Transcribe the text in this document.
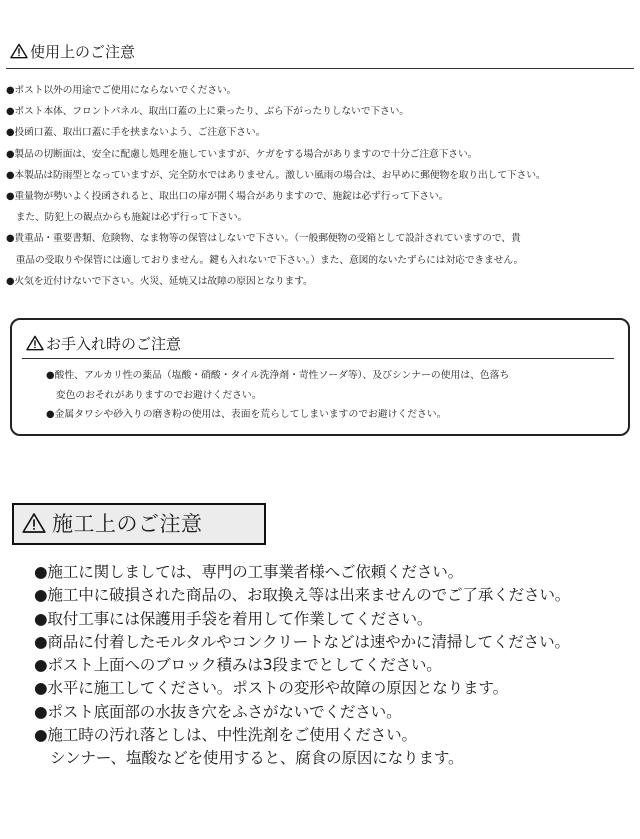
使用上のご注意
●ポスト以外の用途でご使用にならないでください。
●ポスト本体、フロントパネル、取出口蓋の上に乗ったり、ぶら下がったりしないで下さい。
●投函口蓋、取出口蓋に手を挟まないよう、ご注意下さい。
●製品の切断面は、安全に配慮し処理を施していますが、ケガをする場合がありますので十分ご注意下さい。
●本製品は防雨型となっていますが、完全防水ではありません。激しい風雨の場合は、お早めに郵便物を取り出して下さい。
●重量物が勢いよく投函されると、取出口の扉が開く場合がありますので、施錠は必ず行って下さい。
　また、防犯上の観点からも施錠は必ず行って下さい。
●貴重品・重要書類、危険物、なま物等の保管はしないで下さい。（一般郵便物の受箱として設計されていますので、貴
　重品の受取りや保管には適しておりません。鍵も入れないで下さい。）また、意図的ないたずらには対応できません。
●火気を近付けないで下さい。火災、延焼又は故障の原因となります。
お手入れ時のご注意
●酸性、アルカリ性の薬品（塩酸・硝酸・タイル洗浄剤・苛性ソーダ等）、及びシンナーの使用は、色落ち
　変色のおそれがありますのでお避けください。
●金属タワシや砂入りの磨き粉の使用は、表面を荒らしてしまいますのでお避けください。
施工上のご注意
●施工に関しましては、専門の工事業者様へご依頼ください。
●施工中に破損された商品の、お取換え等は出来ませんのでご了承ください。
●取付工事には保護用手袋を着用して作業してください。
●商品に付着したモルタルやコンクリートなどは速やかに清掃してください。
●ポスト上面へのブロック積みは3段までとしてください。
●水平に施工してください。ポストの変形や故障の原因となります。
●ポスト底面部の水抜き穴をふさがないでください。
●施工時の汚れ落としは、中性洗剤をご使用ください。
シンナー、塩酸などを使用すると、腐食の原因になります。
